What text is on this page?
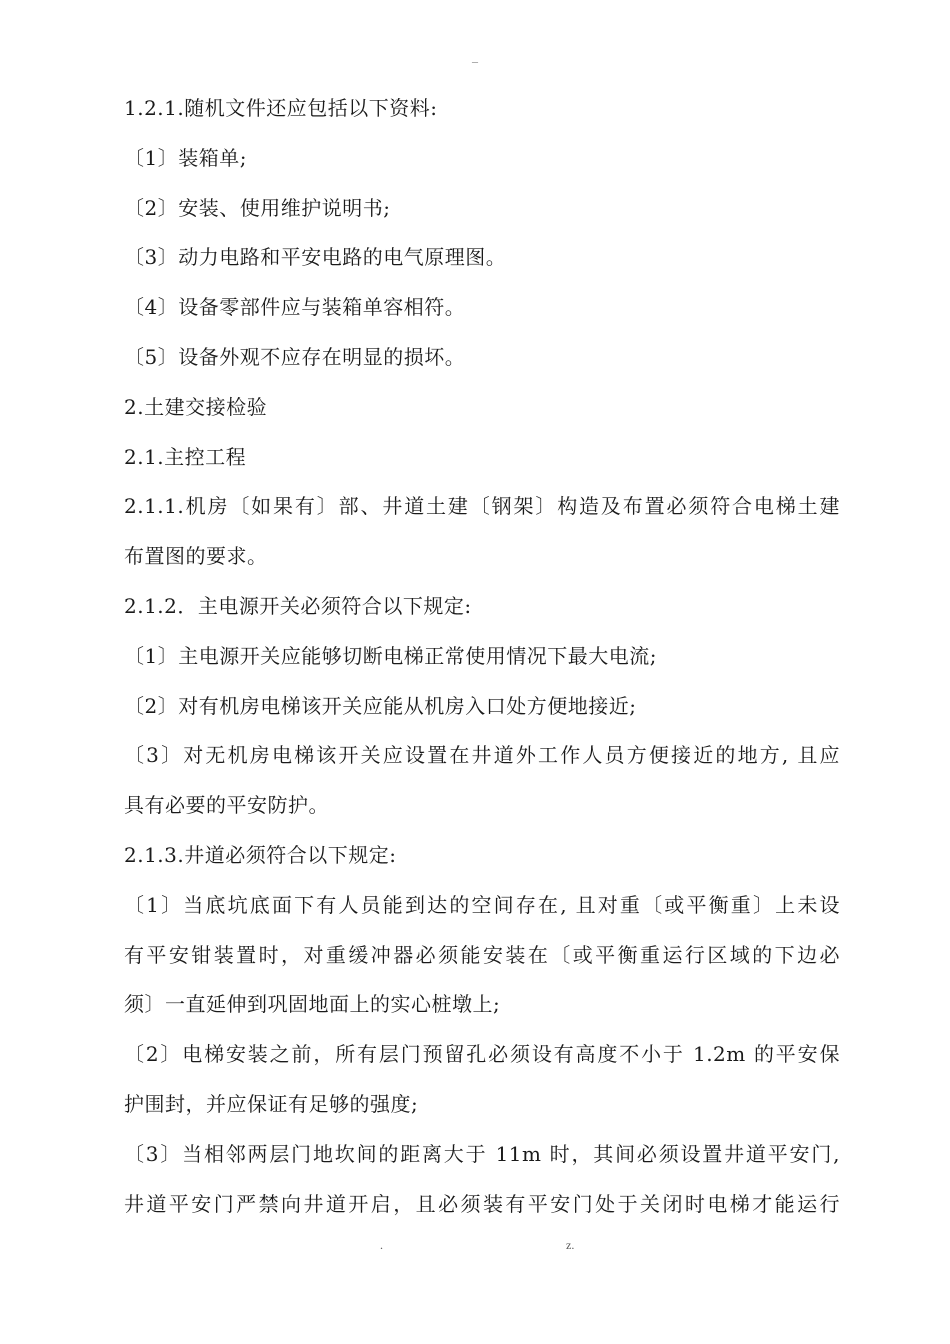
–
1.2.1.随机文件还应包括以下资料:
〔1〕装箱单;
〔2〕安装、使用维护说明书;
〔3〕动力电路和平安电路的电气原理图。
〔4〕设备零部件应与装箱单容相符。
〔5〕设备外观不应存在明显的损坏。
2.土建交接检验
2.1.主控工程
2.1.1.机房〔如果有〕部、井道土建〔钢架〕构造及布置必须符合电梯土建
布置图的要求。
2.1.2．主电源开关必须符合以下规定:
〔1〕主电源开关应能够切断电梯正常使用情况下最大电流;
〔2〕对有机房电梯该开关应能从机房入口处方便地接近;
〔3〕对无机房电梯该开关应设置在井道外工作人员方便接近的地方, 且应
具有必要的平安防护。
2.1.3.井道必须符合以下规定:
〔1〕当底坑底面下有人员能到达的空间存在, 且对重〔或平衡重〕上未设
有平安钳装置时，对重缓冲器必须能安装在〔或平衡重运行区域的下边必
须〕一直延伸到巩固地面上的实心桩墩上;
〔2〕电梯安装之前，所有层门预留孔必须设有高度不小于 1.2m 的平安保
护围封，并应保证有足够的强度;
〔3〕当相邻两层门地坎间的距离大于 11m 时，其间必须设置井道平安门,
井道平安门严禁向井道开启，且必须装有平安门处于关闭时电梯才能运行
.	z.
